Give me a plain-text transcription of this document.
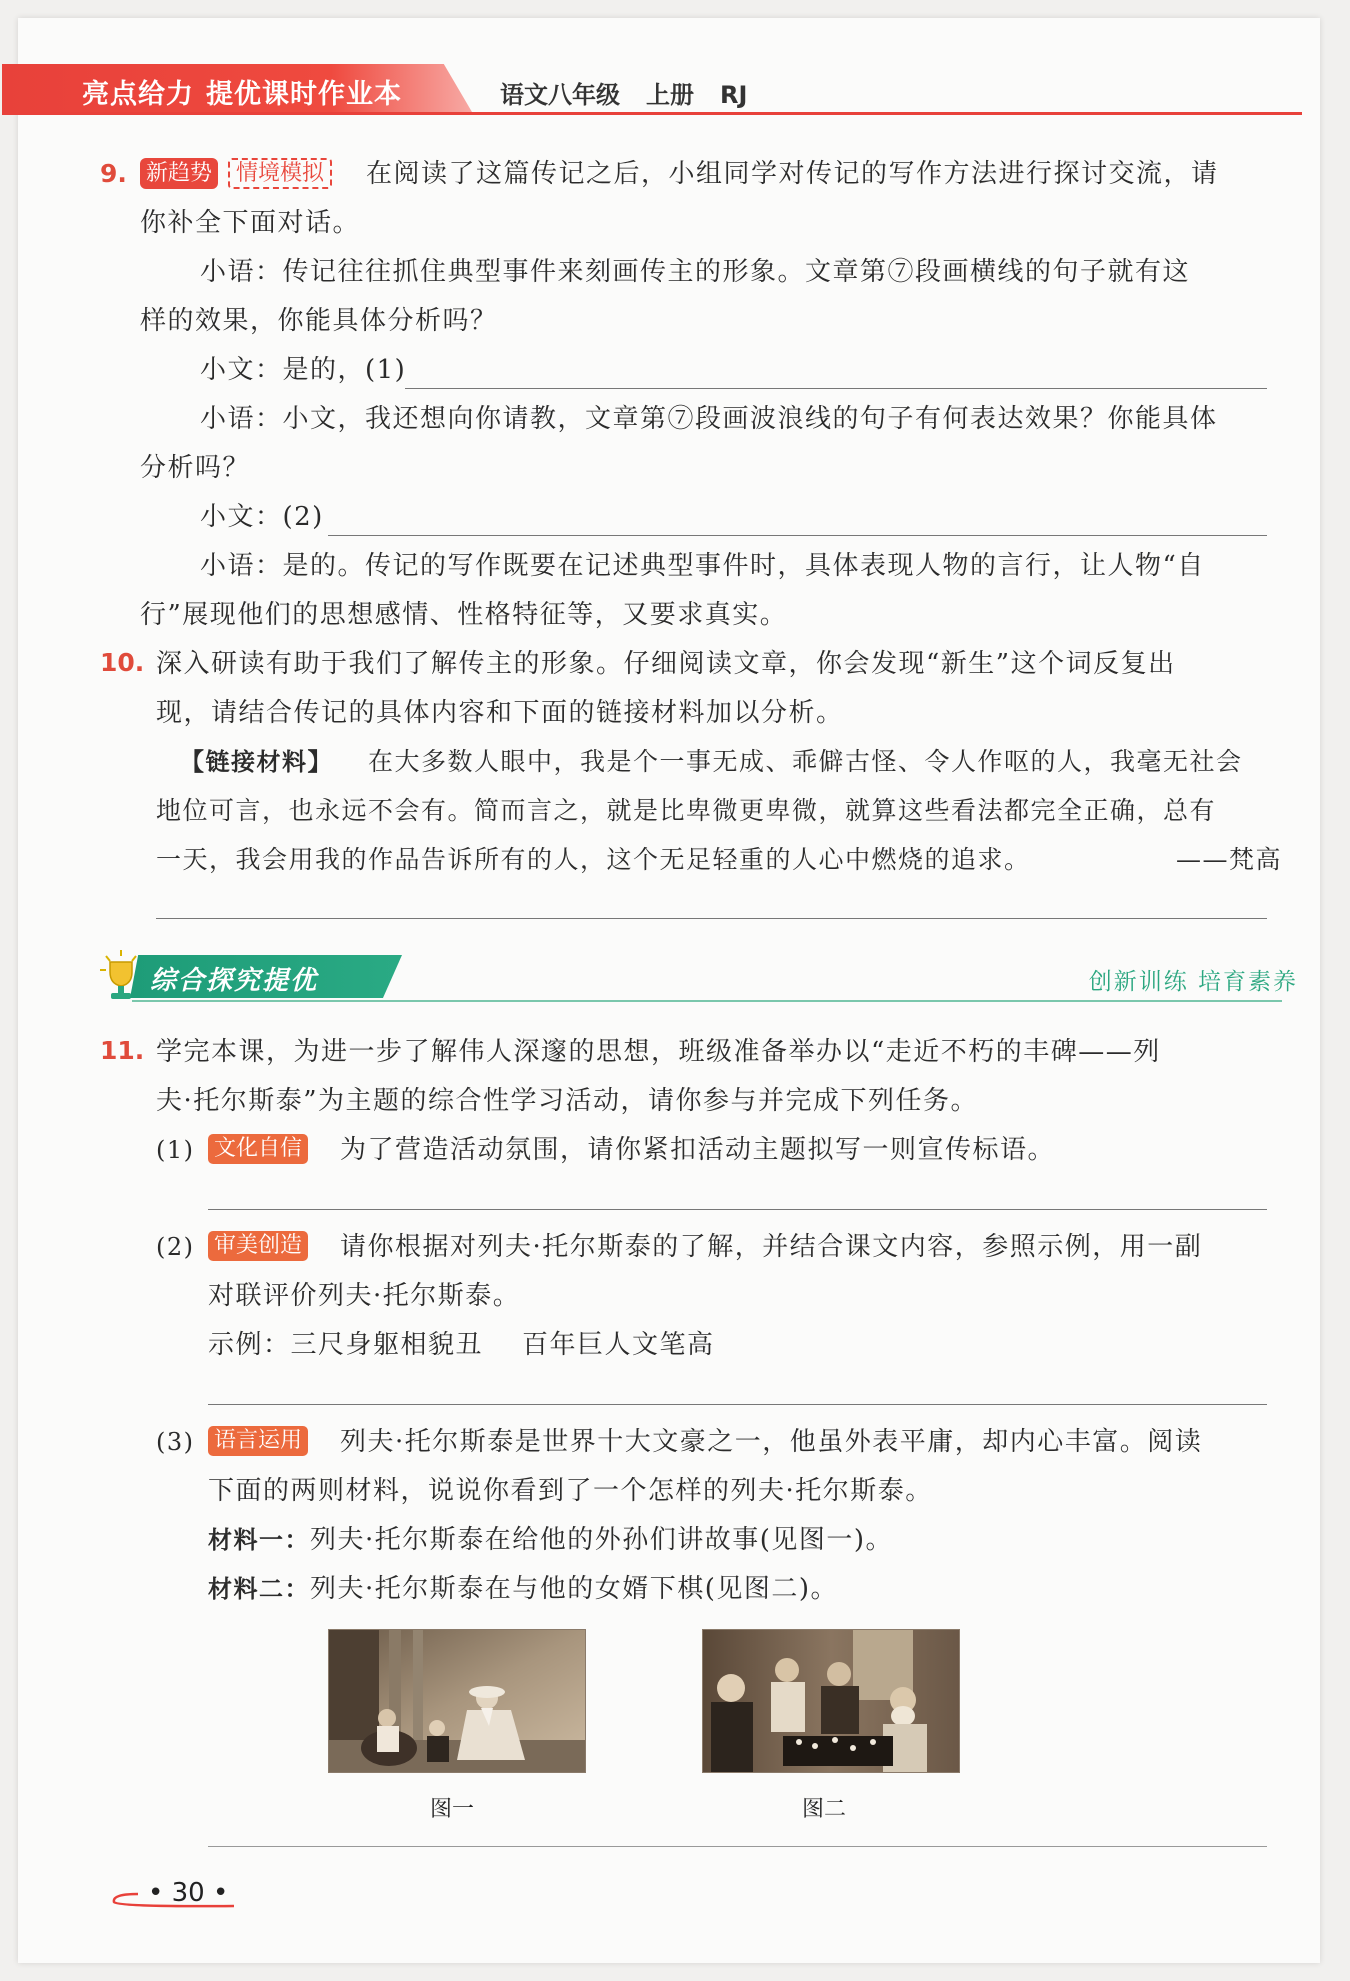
亮点给力 提优课时作业本	语文八年级 上册 RJ
9. 新趋势	情境模拟	在阅读了这篇传记之后，小组同学对传记的写作方法进行探讨交流，请
你补全下面对话。
小语：传记往往抓住典型事件来刻画传主的形象。文章第⑦段画横线的句子就有这
样的效果，你能具体分析吗？
小文：是的，(1)
小语：小文，我还想向你请教，文章第⑦段画波浪线的句子有何表达效果？你能具体
分析吗？
小文：(2)
小语：是的。传记的写作既要在记述典型事件时，具体表现人物的言行，让人物“自
行”展现他们的思想感情、性格特征等，又要求真实。
10. 深入研读有助于我们了解传主的形象。仔细阅读文章，你会发现“新生”这个词反复出
现，请结合传记的具体内容和下面的链接材料加以分析。
【链接材料】 在大多数人眼中，我是个一事无成、乖僻古怪、令人作呕的人，我毫无社会
地位可言，也永远不会有。简而言之，就是比卑微更卑微，就算这些看法都完全正确，总有
一天，我会用我的作品告诉所有的人，这个无足轻重的人心中燃烧的追求。	——梵高
综合探究提优	创新训练 培育素养
11. 学完本课，为进一步了解伟人深邃的思想，班级准备举办以“走近不朽的丰碑——列
夫·托尔斯泰”为主题的综合性学习活动，请你参与并完成下列任务。
(1) 文化自信 为了营造活动氛围，请你紧扣活动主题拟写一则宣传标语。
(2) 审美创造 请你根据对列夫·托尔斯泰的了解，并结合课文内容，参照示例，用一副
对联评价列夫·托尔斯泰。
示例：三尺身躯相貌丑    百年巨人文笔高
(3) 语言运用 列夫·托尔斯泰是世界十大文豪之一，他虽外表平庸，却内心丰富。阅读
下面的两则材料，说说你看到了一个怎样的列夫·托尔斯泰。
材料一：列夫·托尔斯泰在给他的外孙们讲故事(见图一)。
材料二：列夫·托尔斯泰在与他的女婿下棋(见图二)。
图一	图二
• 30 •
